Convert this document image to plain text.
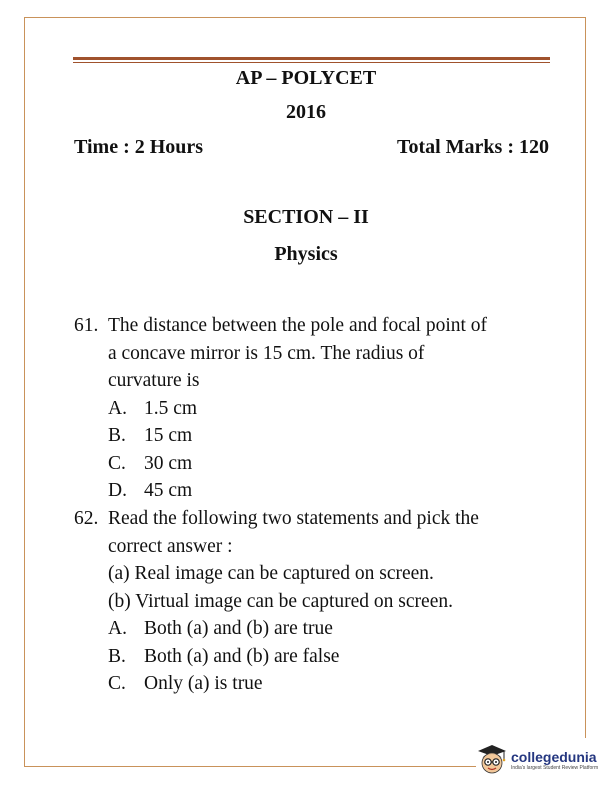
AP – POLYCET
2016
Time : 2 Hours	Total Marks : 120
SECTION – II
Physics
61. The distance between the pole and focal point of
a concave mirror is 15 cm. The radius of
curvature is
A. 1.5 cm
B. 15 cm
C. 30 cm
D. 45 cm
62. Read the following two statements and pick the
correct answer :
(a) Real image can be captured on screen.
(b) Virtual image can be captured on screen.
A. Both (a) and (b) are true
B. Both (a) and (b) are false
C. Only (a) is true
collegedunia
India's largest Student Review Platform
